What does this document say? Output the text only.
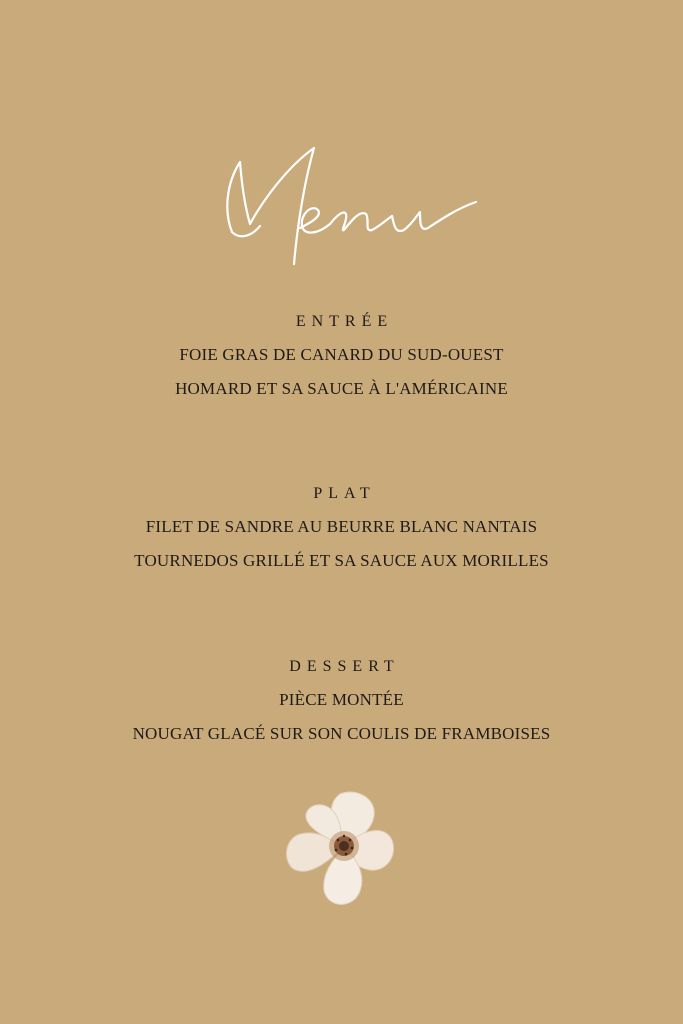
ENTRÉE

FOIE GRAS DE CANARD DU SUD-OUEST

HOMARD ET SA SAUCE À L'AMÉRICAINE

PLAT

FILET DE SANDRE AU BEURRE BLANC NANTAIS

TOURNEDOS GRILLÉ ET SA SAUCE AUX MORILLES

DESSERT

PIÈCE MONTÉE

NOUGAT GLACÉ SUR SON COULIS DE FRAMBOISES
